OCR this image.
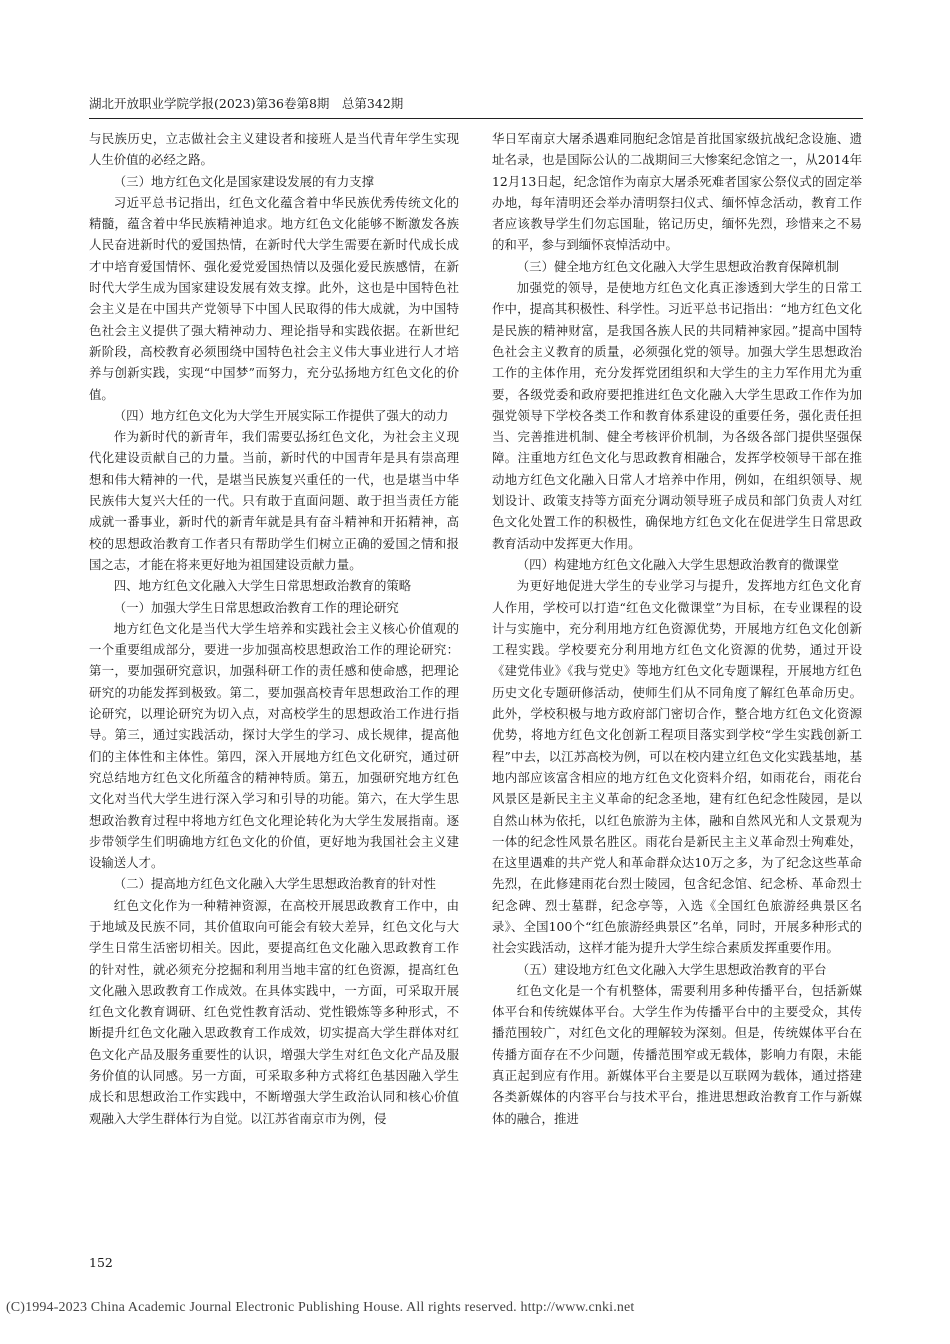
湖北开放职业学院学报(2023)第36卷第8期　总第342期

与民族历史，立志做社会主义建设者和接班人是当代青年学生实现人生价值的必经之路。

（三）地方红色文化是国家建设发展的有力支撑

习近平总书记指出，红色文化蕴含着中华民族优秀传统文化的精髓，蕴含着中华民族精神追求。地方红色文化能够不断激发各族人民奋进新时代的爱国热情，在新时代大学生需要在新时代成长成才中培育爱国情怀、强化爱党爱国热情以及强化爱民族感情，在新时代大学生成为国家建设发展有效支撑。此外，这也是中国特色社会主义是在中国共产党领导下中国人民取得的伟大成就，为中国特色社会主义提供了强大精神动力、理论指导和实践依据。在新世纪新阶段，高校教育必须围绕中国特色社会主义伟大事业进行人才培养与创新实践，实现“中国梦”而努力，充分弘扬地方红色文化的价值。

（四）地方红色文化为大学生开展实际工作提供了强大的动力

作为新时代的新青年，我们需要弘扬红色文化，为社会主义现代化建设贡献自己的力量。当前，新时代的中国青年是具有崇高理想和伟大精神的一代，是堪当民族复兴重任的一代，也是堪当中华民族伟大复兴大任的一代。只有敢于直面问题、敢于担当责任方能成就一番事业，新时代的新青年就是具有奋斗精神和开拓精神，高校的思想政治教育工作者只有帮助学生们树立正确的爱国之情和报国之志，才能在将来更好地为祖国建设贡献力量。

四、地方红色文化融入大学生日常思想政治教育的策略
（一）加强大学生日常思想政治教育工作的理论研究

地方红色文化是当代大学生培养和实践社会主义核心价值观的一个重要组成部分，要进一步加强高校思想政治工作的理论研究：第一，要加强研究意识，加强科研工作的责任感和使命感，把理论研究的功能发挥到极致。第二，要加强高校青年思想政治工作的理论研究，以理论研究为切入点，对高校学生的思想政治工作进行指导。第三，通过实践活动，探讨大学生的学习、成长规律，提高他们的主体性和主体性。第四，深入开展地方红色文化研究，通过研究总结地方红色文化所蕴含的精神特质。第五，加强研究地方红色文化对当代大学生进行深入学习和引导的功能。第六，在大学生思想政治教育过程中将地方红色文化理论转化为大学生发展指南。逐步带领学生们明确地方红色文化的价值，更好地为我国社会主义建设输送人才。

（二）提高地方红色文化融入大学生思想政治教育的针对性

红色文化作为一种精神资源，在高校开展思政教育工作中，由于地域及民族不同，其价值取向可能会有较大差异，红色文化与大学生日常生活密切相关。因此，要提高红色文化融入思政教育工作的针对性，就必须充分挖掘和利用当地丰富的红色资源，提高红色文化融入思政教育工作成效。在具体实践中，一方面，可采取开展红色文化教育调研、红色党性教育活动、党性锻炼等多种形式，不断提升红色文化融入思政教育工作成效，切实提高大学生群体对红色文化产品及服务重要性的认识，增强大学生对红色文化产品及服务价值的认同感。另一方面，可采取多种方式将红色基因融入学生成长和思想政治工作实践中，不断增强大学生政治认同和核心价值观融入大学生群体行为自觉。以江苏省南京市为例，侵

华日军南京大屠杀遇难同胞纪念馆是首批国家级抗战纪念设施、遗址名录，也是国际公认的二战期间三大惨案纪念馆之一，从2014年12月13日起，纪念馆作为南京大屠杀死难者国家公祭仪式的固定举办地，每年清明还会举办清明祭扫仪式、缅怀悼念活动，教育工作者应该教导学生们勿忘国耻，铭记历史，缅怀先烈，珍惜来之不易的和平，参与到缅怀哀悼活动中。

（三）健全地方红色文化融入大学生思想政治教育保障机制

加强党的领导，是使地方红色文化真正渗透到大学生的日常工作中，提高其积极性、科学性。习近平总书记指出：“地方红色文化是民族的精神财富，是我国各族人民的共同精神家园。”提高中国特色社会主义教育的质量，必须强化党的领导。加强大学生思想政治工作的主体作用，充分发挥党团组织和大学生的主力军作用尤为重要，各级党委和政府要把推进红色文化融入大学生思政工作作为加强党领导下学校各类工作和教育体系建设的重要任务，强化责任担当、完善推进机制、健全考核评价机制，为各级各部门提供坚强保障。注重地方红色文化与思政教育相融合，发挥学校领导干部在推动地方红色文化融入日常人才培养中作用，例如，在组织领导、规划设计、政策支持等方面充分调动领导班子成员和部门负责人对红色文化处置工作的积极性，确保地方红色文化在促进学生日常思政教育活动中发挥更大作用。

（四）构建地方红色文化融入大学生思想政治教育的微课堂

为更好地促进大学生的专业学习与提升，发挥地方红色文化育人作用，学校可以打造“红色文化微课堂”为目标，在专业课程的设计与实施中，充分利用地方红色资源优势，开展地方红色文化创新工程实践。学校要充分利用地方红色文化资源的优势，通过开设《建党伟业》《我与党史》等地方红色文化专题课程，开展地方红色历史文化专题研修活动，使师生们从不同角度了解红色革命历史。此外，学校积极与地方政府部门密切合作，整合地方红色文化资源优势，将地方红色文化创新工程项目落实到学校“学生实践创新工程”中去，以江苏高校为例，可以在校内建立红色文化实践基地，基地内部应该富含相应的地方红色文化资料介绍，如雨花台，雨花台风景区是新民主主义革命的纪念圣地，建有红色纪念性陵园，是以自然山林为依托，以红色旅游为主体，融和自然风光和人文景观为一体的纪念性风景名胜区。雨花台是新民主主义革命烈士殉难处，在这里遇难的共产党人和革命群众达10万之多，为了纪念这些革命先烈，在此修建雨花台烈士陵园，包含纪念馆、纪念桥、革命烈士纪念碑、烈士墓群，纪念亭等，入选《全国红色旅游经典景区名录》、全国100个“红色旅游经典景区”名单，同时，开展多种形式的社会实践活动，这样才能为提升大学生综合素质发挥重要作用。

（五）建设地方红色文化融入大学生思想政治教育的平台

红色文化是一个有机整体，需要利用多种传播平台，包括新媒体平台和传统媒体平台。大学生作为传播平台中的主要受众，其传播范围较广，对红色文化的理解较为深刻。但是，传统媒体平台在传播方面存在不少问题，传播范围窄或无载体，影响力有限，未能真正起到应有作用。新媒体平台主要是以互联网为载体，通过搭建各类新媒体的内容平台与技术平台，推进思想政治教育工作与新媒体的融合，推进

152
(C)1994-2023 China Academic Journal Electronic Publishing House. All rights reserved. http://www.cnki.net
